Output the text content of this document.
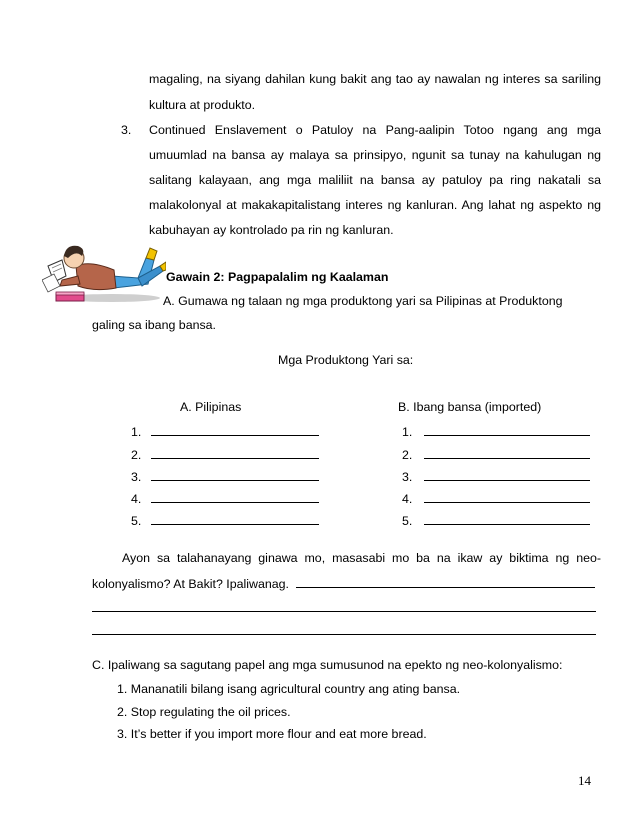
magaling, na siyang dahilan kung bakit ang tao ay nawalan ng interes sa sariling
kultura at produkto.
3. Continued Enslavement o Patuloy na Pang-aalipin Totoo ngang ang mga
umuumlad na bansa ay malaya sa prinsipyo, ngunit sa tunay na kahulugan ng
salitang kalayaan, ang mga maliliit na bansa ay patuloy pa ring nakatali sa
malakolonyal at makakapitalistang interes ng kanluran. Ang lahat ng aspekto ng
kabuhayan ay kontrolado pa rin ng kanluran.
Gawain 2: Pagpapalalim ng Kaalaman
A. Gumawa ng talaan ng mga produktong yari sa Pilipinas at Produktong
galing sa ibang bansa.
Mga Produktong Yari sa:
A. Pilipinas	B. Ibang bansa (imported)
1.
2.
3.
4.
5.
1.
2.
3.
4.
5.
Ayon sa talahanayang ginawa mo, masasabi mo ba na ikaw ay biktima ng neo-
kolonyalismo? At Bakit? Ipaliwanag.
C. Ipaliwang sa sagutang papel ang mga sumusunod na epekto ng neo-kolonyalismo:
1. Mananatili bilang isang agricultural country ang ating bansa.
2. Stop regulating the oil prices.
3. It’s better if you import more flour and eat more bread.
14
